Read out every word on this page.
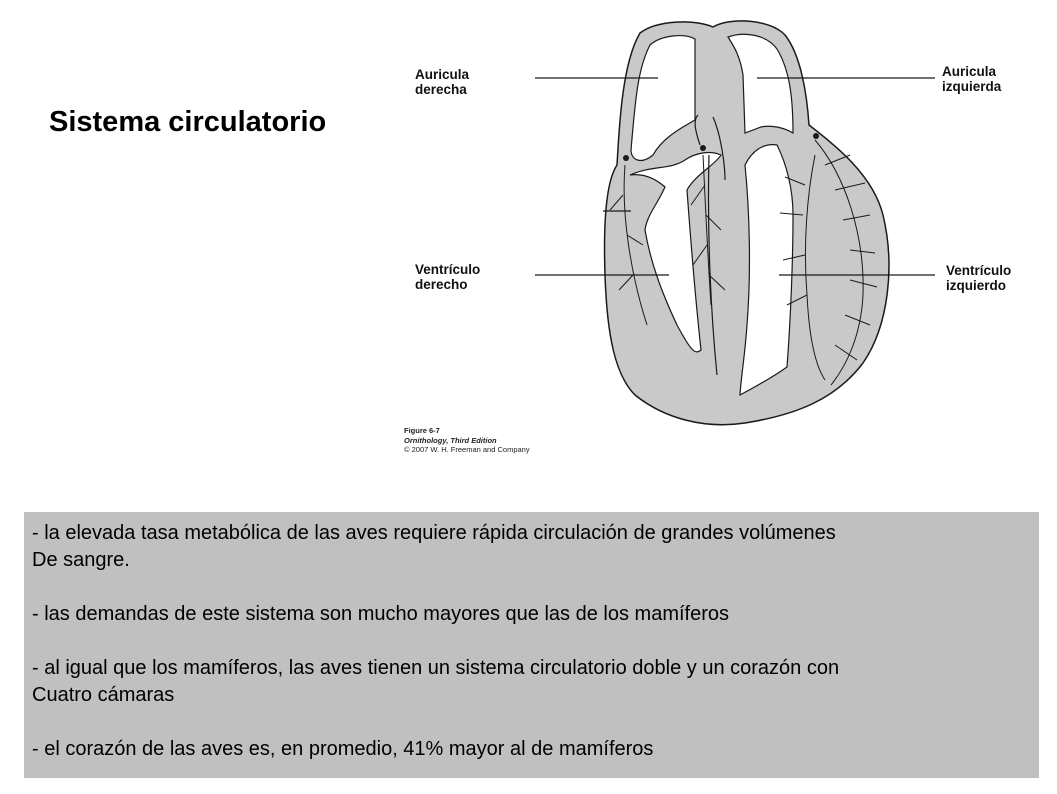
Sistema circulatorio
Auricula
derecha
Auricula
izquierda
Ventrículo
derecho
Ventrículo
izquierdo
Figure 6-7
Ornithology, Third Edition
© 2007 W. H. Freeman and Company
- la elevada tasa metabólica de las aves requiere rápida circulación de grandes volúmenes
De sangre.
- las demandas de este sistema son mucho mayores que las de los mamíferos
- al igual que los mamíferos, las aves tienen un sistema circulatorio doble y un corazón con
Cuatro cámaras
- el corazón de las aves es, en promedio, 41% mayor al de mamíferos
